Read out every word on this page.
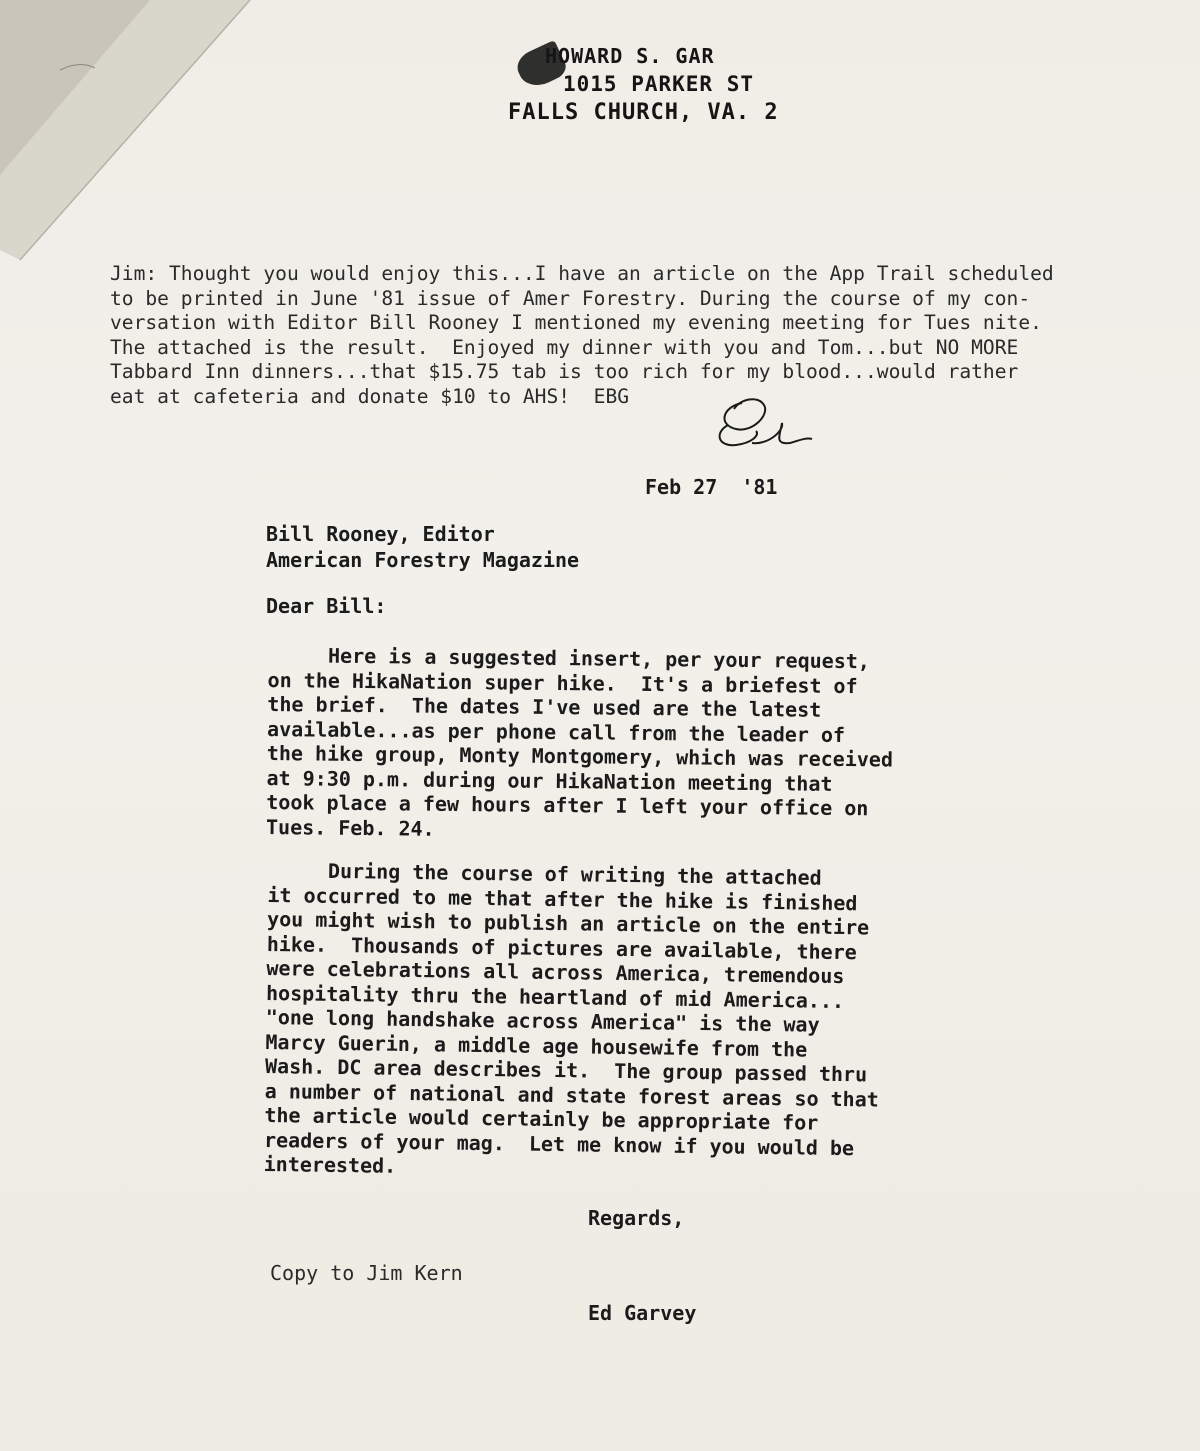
HOWARD S. GAR
1015 PARKER ST
FALLS CHURCH, VA. 2
Jim: Thought you would enjoy this...I have an article on the App Trail scheduled
to be printed in June '81 issue of Amer Forestry. During the course of my con-
versation with Editor Bill Rooney I mentioned my evening meeting for Tues nite.
The attached is the result.  Enjoyed my dinner with you and Tom...but NO MORE
Tabbard Inn dinners...that $15.75 tab is too rich for my blood...would rather
eat at cafeteria and donate $10 to AHS!  EBG
Feb 27  '81
Bill Rooney, Editor
American Forestry Magazine
Dear Bill:
Here is a suggested insert, per your request,
on the HikaNation super hike.  It's a briefest of
the brief.  The dates I've used are the latest
available...as per phone call from the leader of
the hike group, Monty Montgomery, which was received
at 9:30 p.m. during our HikaNation meeting that
took place a few hours after I left your office on
Tues. Feb. 24.
During the course of writing the attached
it occurred to me that after the hike is finished
you might wish to publish an article on the entire
hike.  Thousands of pictures are available, there
were celebrations all across America, tremendous
hospitality thru the heartland of mid America...
"one long handshake across America" is the way
Marcy Guerin, a middle age housewife from the
Wash. DC area describes it.  The group passed thru
a number of national and state forest areas so that
the article would certainly be appropriate for
readers of your mag.  Let me know if you would be
interested.
Regards,
Copy to Jim Kern
Ed Garvey
